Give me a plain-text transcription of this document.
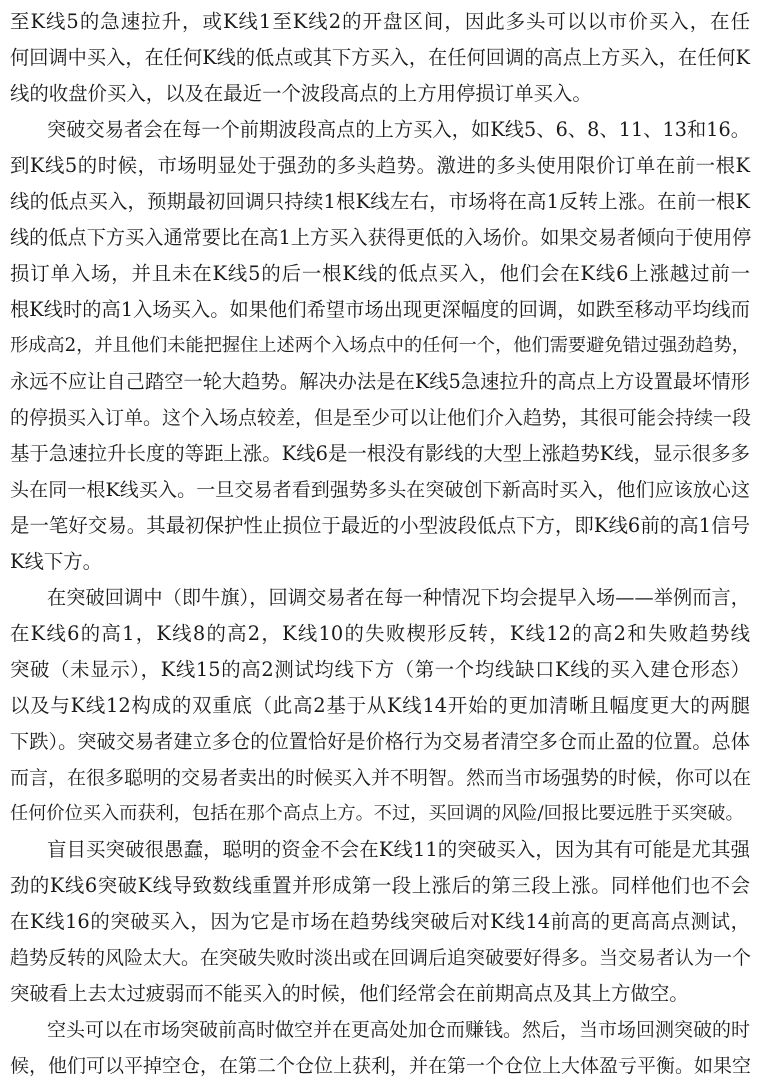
至K线5的急速拉升，或K线1至K线2的开盘区间，因此多头可以以市价买入，在任
何回调中买入，在任何K线的低点或其下方买入，在任何回调的高点上方买入，在任何K
线的收盘价买入，以及在最近一个波段高点的上方用停损订单买入。
突破交易者会在每一个前期波段高点的上方买入，如K线5、6、8、11、13和16。
到K线5的时候，市场明显处于强劲的多头趋势。激进的多头使用限价订单在前一根K
线的低点买入，预期最初回调只持续1根K线左右，市场将在高1反转上涨。在前一根K
线的低点下方买入通常要比在高1上方买入获得更低的入场价。如果交易者倾向于使用停
损订单入场，并且未在K线5的后一根K线的低点买入，他们会在K线6上涨越过前一
根K线时的高1入场买入。如果他们希望市场出现更深幅度的回调，如跌至移动平均线而
形成高2，并且他们未能把握住上述两个入场点中的任何一个，他们需要避免错过强劲趋势，
永远不应让自己踏空一轮大趋势。解决办法是在K线5急速拉升的高点上方设置最坏情形
的停损买入订单。这个入场点较差，但是至少可以让他们介入趋势，其很可能会持续一段
基于急速拉升长度的等距上涨。K线6是一根没有影线的大型上涨趋势K线，显示很多多
头在同一根K线买入。一旦交易者看到强势多头在突破创下新高时买入，他们应该放心这
是一笔好交易。其最初保护性止损位于最近的小型波段低点下方，即K线6前的高1信号
K线下方。
在突破回调中（即牛旗），回调交易者在每一种情况下均会提早入场——举例而言，
在K线6的高1，K线8的高2，K线10的失败楔形反转，K线12的高2和失败趋势线
突破（未显示），K线15的高2测试均线下方（第一个均线缺口K线的买入建仓形态）
以及与K线12构成的双重底（此高2基于从K线14开始的更加清晰且幅度更大的两腿
下跌）。突破交易者建立多仓的位置恰好是价格行为交易者清空多仓而止盈的位置。总体
而言，在很多聪明的交易者卖出的时候买入并不明智。然而当市场强势的时候，你可以在
任何价位买入而获利，包括在那个高点上方。不过，买回调的风险/回报比要远胜于买突破。
盲目买突破很愚蠢，聪明的资金不会在K线11的突破买入，因为其有可能是尤其强
劲的K线6突破K线导致数线重置并形成第一段上涨后的第三段上涨。同样他们也不会
在K线16的突破买入，因为它是市场在趋势线突破后对K线14前高的更高高点测试，
趋势反转的风险太大。在突破失败时淡出或在回调后追突破要好得多。当交易者认为一个
突破看上去太过疲弱而不能买入的时候，他们经常会在前期高点及其上方做空。
空头可以在市场突破前高时做空并在更高处加仓而赚钱。然后，当市场回测突破的时
候，他们可以平掉空仓，在第二个仓位上获利，并在第一个仓位上大体盈亏平衡。如果空
